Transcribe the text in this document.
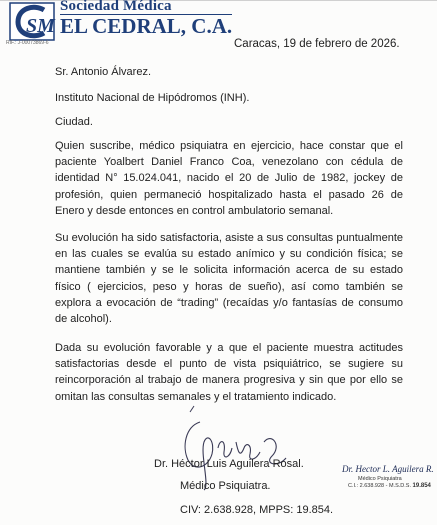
SM
Sociedad Médica
EL CEDRAL, C.A.
RIF.: J-00073869-6	Caracas, 19 de febrero de 2026.

Sr. Antonio Álvarez.

Instituto Nacional de Hipódromos (INH).

Ciudad.

Quien suscribe, médico psiquiatra en ejercicio, hace constar que el paciente Yoalbert Daniel Franco Coa, venezolano con cédula de identidad N° 15.024.041, nacido el 20 de Julio de 1982, jockey de profesión, quien permaneció hospitalizado hasta el pasado 26 de Enero y desde entonces en control ambulatorio semanal.

Su evolución ha sido satisfactoria, asiste a sus consultas puntualmente en las cuales se evalúa su estado anímico y su condición física; se mantiene también y se le solicita información acerca de su estado físico ( ejercicios, peso y horas de sueño), así como también se explora a evocación de “trading” (recaídas y/o fantasías de consumo de alcohol).

Dada su evolución favorable y a que el paciente muestra actitudes satisfactorias desde el punto de vista psiquiátrico, se sugiere su reincorporación al trabajo de manera progresiva y sin que por ello se omitan las consultas semanales y el tratamiento indicado.

Dr. Héctor Luis Aguilera Rosal.
Médico Psiquiatra.
CIV: 2.638.928, MPPS: 19.854.
Dr. Hector L. Aguilera R.
Médico Psiquiatra
C.I.: 2.638.928 - M.S.D.S. 19.854
